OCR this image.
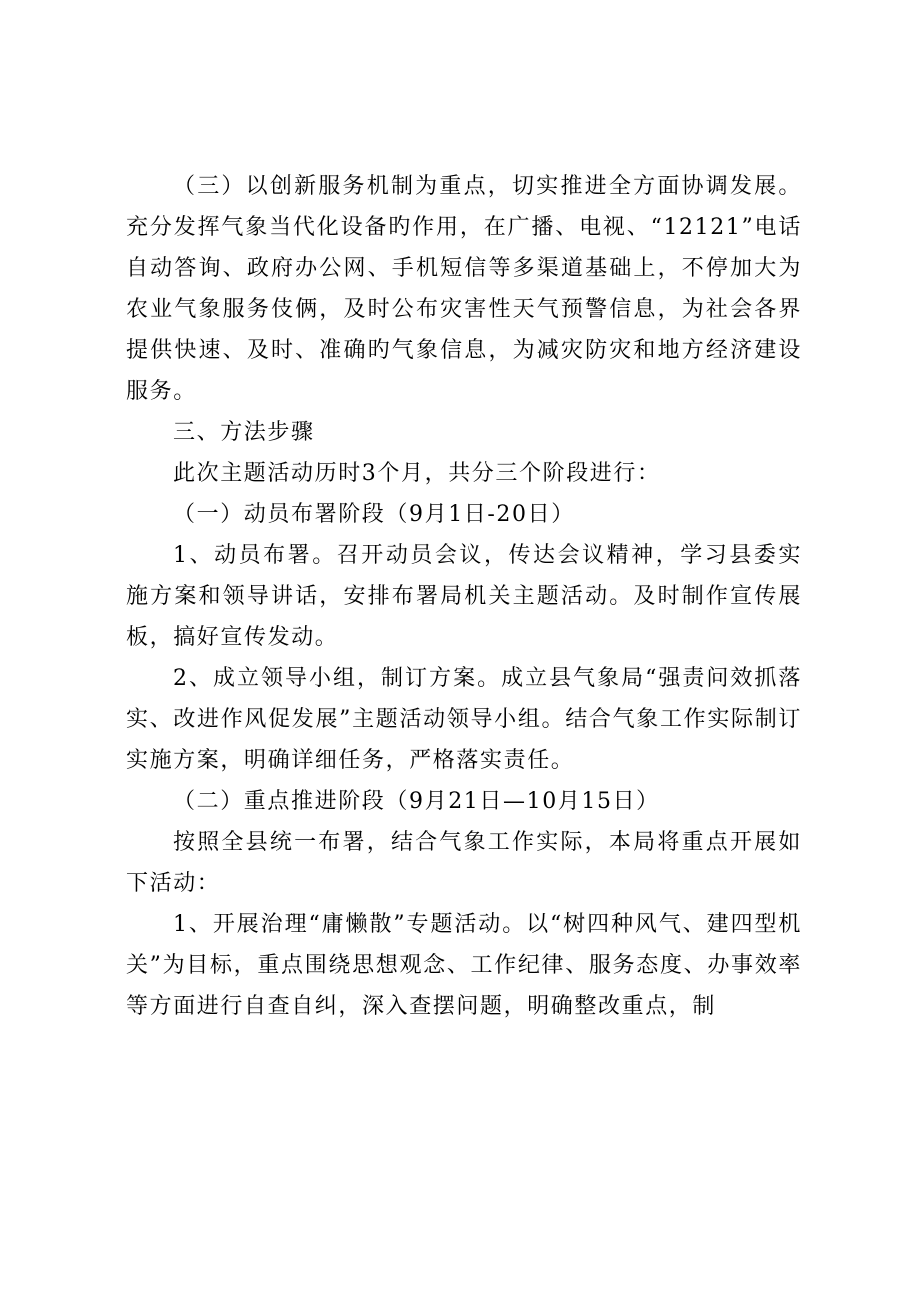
（三）以创新服务机制为重点，切实推进全方面协调发展。充分发挥气象当代化设备旳作用，在广播、电视、“12121”电话自动答询、政府办公网、手机短信等多渠道基础上，不停加大为农业气象服务伎俩，及时公布灾害性天气预警信息，为社会各界提供快速、及时、准确旳气象信息，为减灾防灾和地方经济建设服务。

三、方法步骤

此次主题活动历时3个月，共分三个阶段进行：

（一）动员布署阶段（9月1日-20日）

1、动员布署。召开动员会议，传达会议精神，学习县委实施方案和领导讲话，安排布署局机关主题活动。及时制作宣传展板，搞好宣传发动。

2、成立领导小组，制订方案。成立县气象局“强责问效抓落实、改进作风促发展”主题活动领导小组。结合气象工作实际制订实施方案，明确详细任务，严格落实责任。

（二）重点推进阶段（9月21日—10月15日）

按照全县统一布署，结合气象工作实际，本局将重点开展如下活动：

1、开展治理“庸懒散”专题活动。以“树四种风气、建四型机关”为目标，重点围绕思想观念、工作纪律、服务态度、办事效率等方面进行自查自纠，深入查摆问题，明确整改重点，制
